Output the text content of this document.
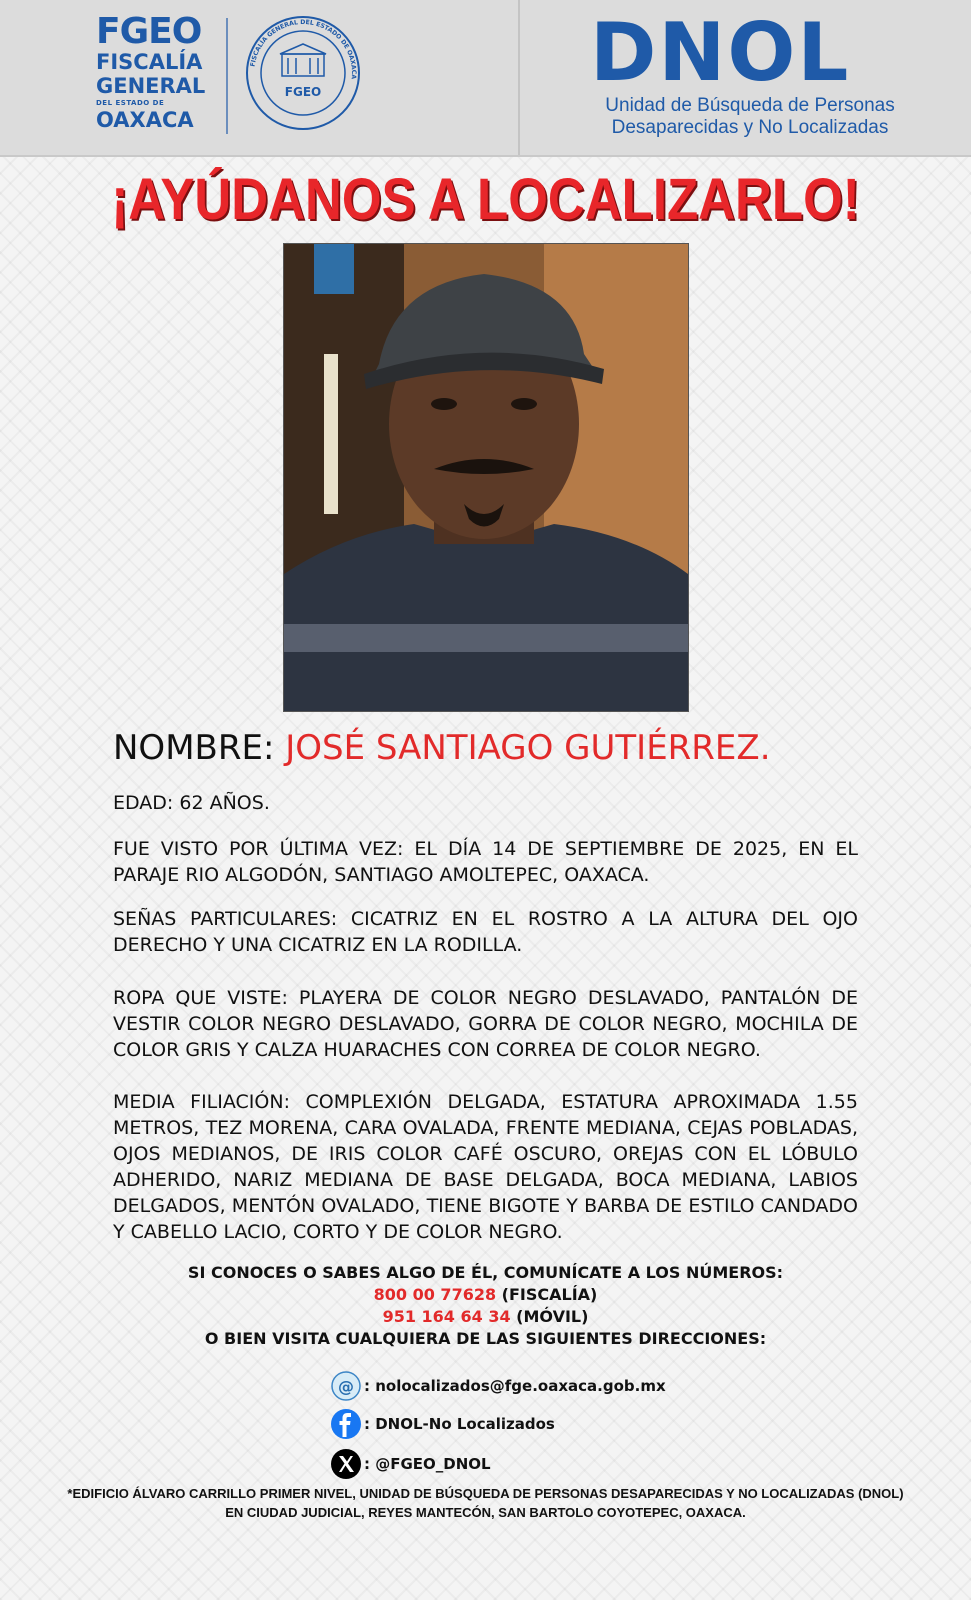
FGEO
FISCALÍA
GENERAL
DEL ESTADO DE
OAXACA
FISCALÍA GENERAL DEL ESTADO DE OAXACA
FGEO	DNOL
Unidad de Búsqueda de Personas
Desaparecidas y No Localizadas
¡AYÚDANOS A LOCALIZARLO!
NOMBRE: JOSÉ SANTIAGO GUTIÉRREZ.
EDAD: 62 AÑOS.
FUE VISTO POR ÚLTIMA VEZ: EL DÍA 14 DE SEPTIEMBRE DE 2025, EN EL PARAJE RIO ALGODÓN, SANTIAGO AMOLTEPEC, OAXACA.
SEÑAS PARTICULARES: CICATRIZ EN EL ROSTRO A LA ALTURA DEL OJO DERECHO Y UNA CICATRIZ EN LA RODILLA.
ROPA QUE VISTE: PLAYERA DE COLOR NEGRO DESLAVADO, PANTALÓN DE VESTIR COLOR NEGRO DESLAVADO, GORRA DE COLOR NEGRO, MOCHILA DE COLOR GRIS Y CALZA HUARACHES CON CORREA DE COLOR NEGRO.
MEDIA FILIACIÓN: COMPLEXIÓN DELGADA, ESTATURA APROXIMADA 1.55 METROS, TEZ MORENA, CARA OVALADA, FRENTE MEDIANA, CEJAS POBLADAS, OJOS MEDIANOS, DE IRIS COLOR CAFÉ OSCURO, OREJAS CON EL LÓBULO ADHERIDO, NARIZ MEDIANA DE BASE DELGADA, BOCA MEDIANA, LABIOS DELGADOS, MENTÓN OVALADO, TIENE BIGOTE Y BARBA DE ESTILO CANDADO Y CABELLO LACIO, CORTO Y DE COLOR NEGRO.
SI CONOCES O SABES ALGO DE ÉL, COMUNÍCATE A LOS NÚMEROS:
800 00 77628 (FISCALÍA)
951 164 64 34 (MÓVIL)
O BIEN VISITA CUALQUIERA DE LAS SIGUIENTES DIRECCIONES:
@ : nolocalizados@fge.oaxaca.gob.mx
: DNOL-No Localizados
: @FGEO_DNOL
*EDIFICIO ÁLVARO CARRILLO PRIMER NIVEL, UNIDAD DE BÚSQUEDA DE PERSONAS DESAPARECIDAS Y NO LOCALIZADAS (DNOL) EN CIUDAD JUDICIAL, REYES MANTECÓN, SAN BARTOLO COYOTEPEC, OAXACA.
